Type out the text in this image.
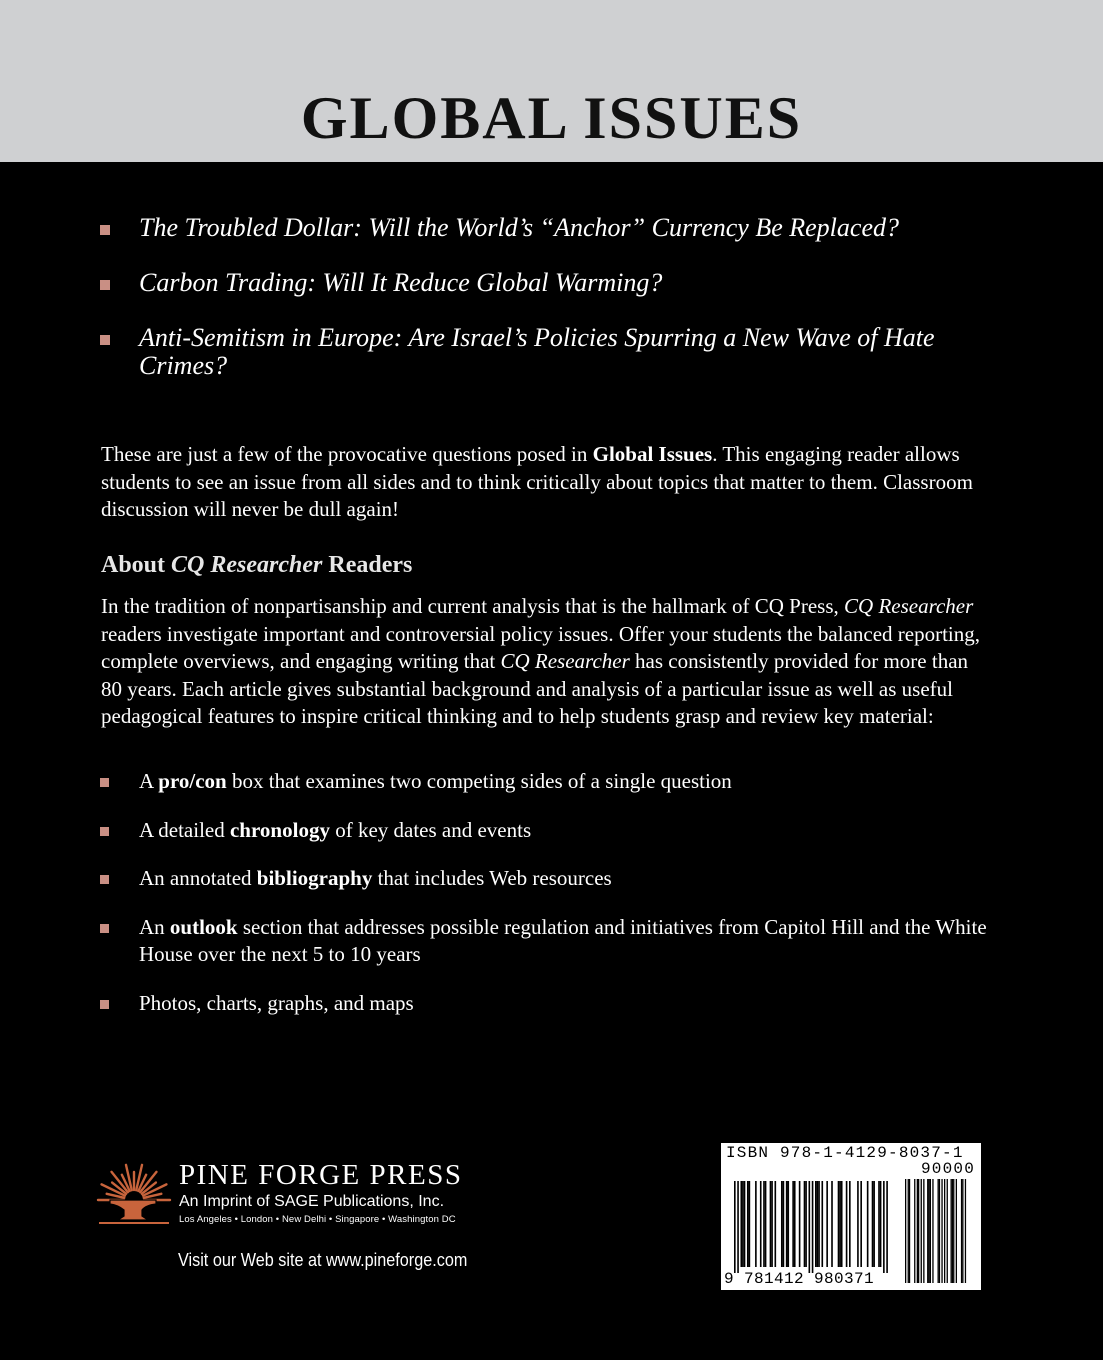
GLOBAL ISSUES
The Troubled Dollar: Will the World’s “Anchor” Currency Be Replaced?
Carbon Trading: Will It Reduce Global Warming?
Anti-Semitism in Europe: Are Israel’s Policies Spurring a New Wave of Hate Crimes?

These are just a few of the provocative questions posed in Global Issues. This engaging reader allows students to see an issue from all sides and to think critically about topics that matter to them. Classroom discussion will never be dull again!

About CQ Researcher Readers

In the tradition of nonpartisanship and current analysis that is the hallmark of CQ Press, CQ Researcher readers investigate important and controversial policy issues. Offer your students the balanced reporting, complete overviews, and engaging writing that CQ Researcher has consistently provided for more than 80 years. Each article gives substantial background and analysis of a particular issue as well as useful pedagogical features to inspire critical thinking and to help students grasp and review key material:

A pro/con box that examines two competing sides of a single question
A detailed chronology of key dates and events
An annotated bibliography that includes Web resources
An outlook section that addresses possible regulation and initiatives from Capitol Hill and the White House over the next 5 to 10 years
Photos, charts, graphs, and maps
PINE FORGE PRESS
An Imprint of SAGE Publications, Inc.
Los Angeles • London • New Delhi • Singapore • Washington DC
Visit our Web site at www.pineforge.com
ISBN 978-1-4129-8037-1
90000
9 781412 980371
